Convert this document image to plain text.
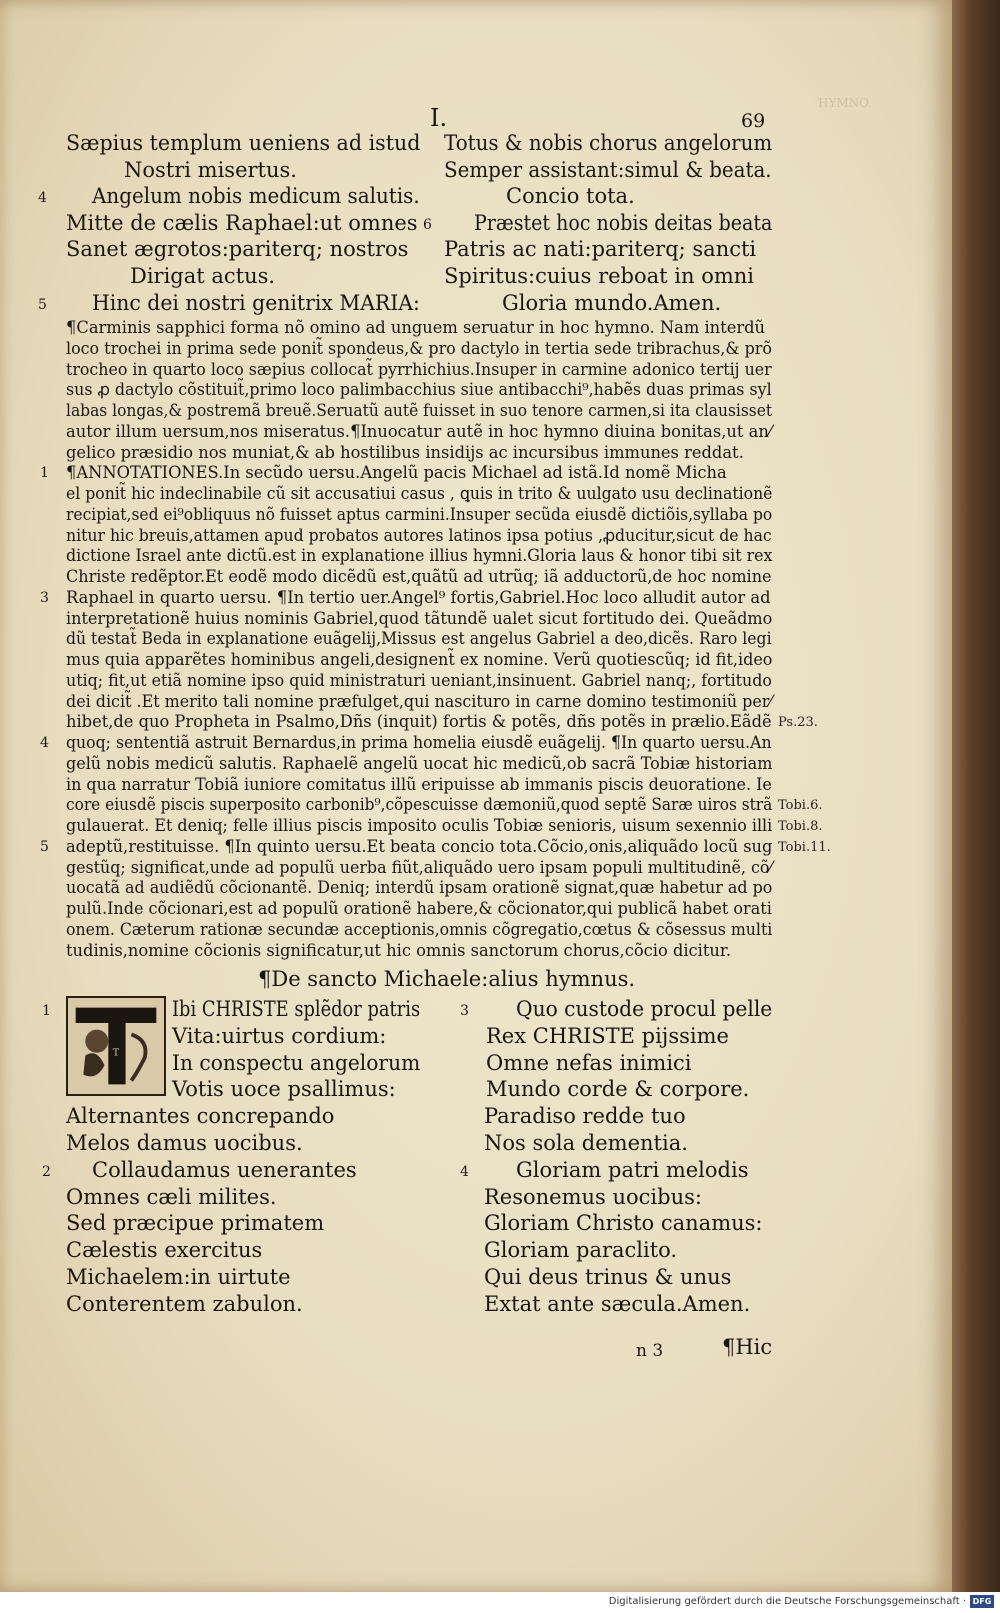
I.	69
Sæpius templum ueniens ad istud
Nostri misertus.
4 Angelum nobis medicum salutis.
Mitte de cælis Raphael:ut omnes
Sanet ægrotos:pariterq; nostros
Dirigat actus.
5 Hinc dei nostri genitrix MARIA:
Totus & nobis chorus angelorum
Semper assistant:simul & beata.
Concio tota.
6 Præstet hoc nobis deitas beata
Patris ac nati:pariterq; sancti
Spiritus:cuius reboat in omni
Gloria mundo.Amen.
¶Carminis sapphici forma nõ omino ad unguem seruatur in hoc hymno. Nam interdũ
loco trochei in prima sede ponit̃ spondeus,& pro dactylo in tertia sede tribrachus,& prõ
trocheo in quarto loco sæpius collocat̃ pyrrhichius.Insuper in carmine adonico tertij uer
sus ꝓ dactylo cõstituit̃,primo loco palimbacchius siue antibacchi⁹,habẽs duas primas syl
labas longas,& postremã breuẽ.Seruatũ autẽ fuisset in suo tenore carmen,si ita clausisset
autor illum uersum,nos miseratus.¶Inuocatur autẽ in hoc hymno diuina bonitas,ut an⁄
gelico præsidio nos muniat,& ab hostilibus insidijs ac incursibus immunes reddat.
1 ¶ANNOTATIONES.In secũdo uersu.Angelũ pacis Michael ad istã.Id nomẽ Micha
el ponit̃ hic indeclinabile cũ sit accusatiui casus , ꝗuis in trito & uulgato usu declinationẽ
recipiat,sed ei⁹obliquus nõ fuisset aptus carmini.Insuper secũda eiusdẽ dictiõis,syllaba po
nitur hic breuis,attamen apud probatos autores latinos ipsa potius ,ꝓducitur,sicut de hac
dictione Israel ante dictũ.est in explanatione illius hymni.Gloria laus & honor tibi sit rex
Christe redẽptor.Et eodẽ modo dicẽdũ est,quãtũ ad utrũq; iã adductorũ,de hoc nomine
3 Raphael in quarto uersu. ¶In tertio uer.Angel⁹ fortis,Gabriel.Hoc loco alludit autor ad
interpretationẽ huius nominis Gabriel,quod tãtundẽ ualet sicut fortitudo dei. Queãdmo
dũ testat̃ Beda in explanatione euãgelij,Missus est angelus Gabriel a deo,dicẽs. Raro legi
mus quia apparẽtes hominibus angeli,designent̃ ex nomine. Verũ quotiescũq; id fit,ideo
utiq; fit,ut etiã nomine ipso quid ministraturi ueniant,insinuent. Gabriel nanq;, fortitudo
dei dicit̃ .Et merito tali nomine præfulget,qui nasciturо in carne domino testimoniũ per⁄
hibet,de quo Propheta in Psalmo,Dñs (inquit) fortis & potẽs, dñs potẽs in prælio.Eãdẽ
4 quoq; sententiã astruit Bernardus,in prima homelia eiusdẽ euãgelij. ¶In quarto uersu.An
gelũ nobis medicũ salutis. Raphaelẽ angelũ uocat hic medicũ,ob sacrã Tobiæ historiam
in qua narratur Tobiã iuniore comitatus illũ eripuisse ab immanis piscis deuoratione. Ie
core eiusdẽ piscis superposito carbonib⁹,cõpescuisse dæmoniũ,quod septẽ Saræ uiros strã
gulauerat. Et deniq; felle illius piscis imposito oculis Tobiæ senioris, uisum sexennio illi
5 adeptũ,restituisse. ¶In quinto uersu.Et beata concio tota.Cõcio,onis,aliquãdo locũ sug
gestũq; significat,unde ad populũ uerba fiũt,aliquãdo uero ipsam populi multitudinẽ, cõ⁄
uocatã ad audiẽdũ cõcionantẽ. Deniq; interdũ ipsam orationẽ signat,quæ habetur ad po
pulũ.Inde cõcionari,est ad populũ orationẽ habere,& cõcionator,qui publicã habet orati
onem. Cæterum rationæ secundæ acceptionis,omnis cõgregatio,cœtus & cõsessus multi
tudinis,nomine cõcionis significatur,ut hic omnis sanctorum chorus,cõcio dicitur.
Ps.23.
Tobi.6.
Tobi.8.
Tobi.11.
¶De sancto Michaele:alius hymnus.
T
1	Ibi CHRISTE splẽdor patris
Vita:uirtus cordium:
In conspectu angelorum
Votis uoce psallimus:
Alternantes concrepando
Melos damus uocibus.
2 Collaudamus uenerantes
Omnes cæli milites.
Sed præcipue primatem
Cælestis exercitus
Michaelem:in uirtute
Conterentem zabulon.
3 Quo custode procul pelle
Rex CHRISTE pijssime
Omne nefas inimici
Mundo corde & corpore.
Paradiso redde tuo
Nos sola dementia.
4 Gloriam patri melodis
Resonemus uocibus:
Gloriam Christo canamus:
Gloriam paraclito.
Qui deus trinus & unus
Extat ante sæcula.Amen.
n 3	¶Hic
HYMNO.
Digitalisierung gefördert durch die Deutsche Forschungsgemeinschaft · DFG
